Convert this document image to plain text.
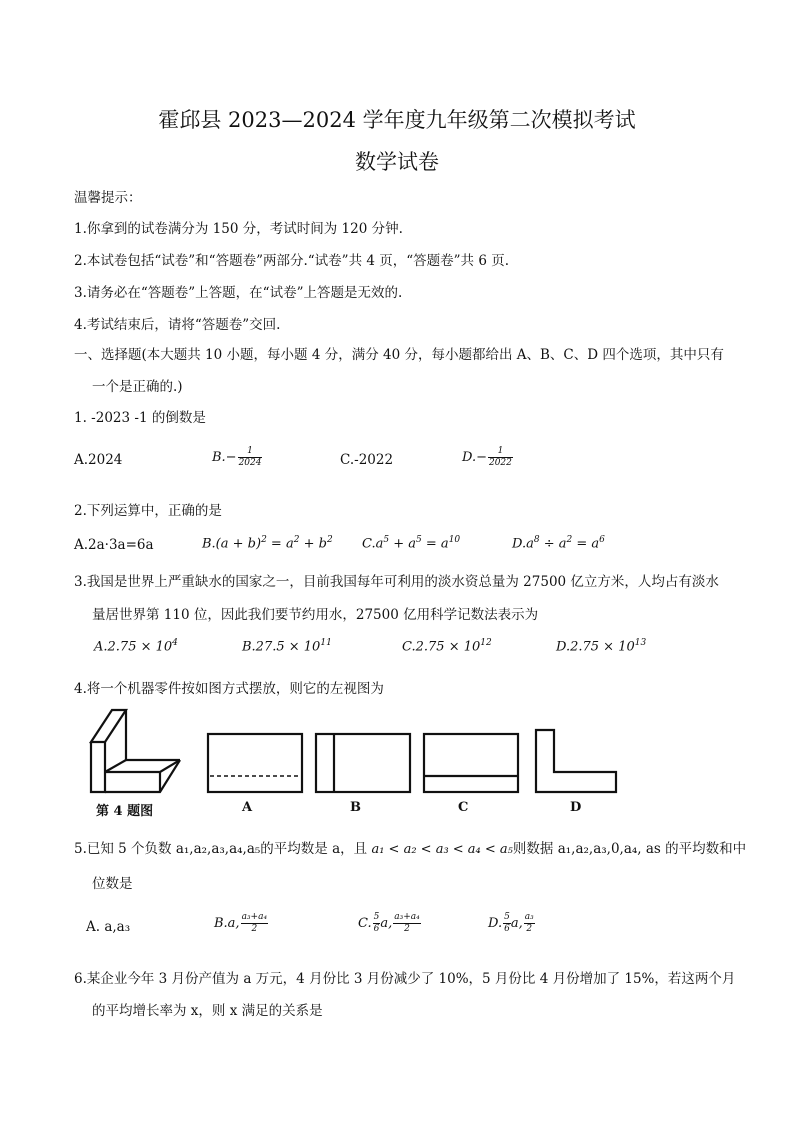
霍邱县 2023—2024 学年度九年级第二次模拟考试
数学试卷
温馨提示：
1.你拿到的试卷满分为 150 分，考试时间为 120 分钟.
2.本试卷包括“试卷”和“答题卷”两部分.“试卷”共 4 页，“答题卷”共 6 页.
3.请务必在“答题卷”上答题，在“试卷”上答题是无效的.
4.考试结束后，请将“答题卷”交回.
一、选择题(本大题共 10 小题，每小题 4 分，满分 40 分，每小题都给出 A、B、C、D 四个选项，其中只有
一个是正确的.)
1. -2023 -1 的倒数是
A.2024	$B.- \frac{1}{2024}$	C.-2022	$D.- \frac{1}{2022}$
2.下列运算中，正确的是
A.2a·3a=6a	$B.(a + b)^2 = a^2 + b^2$ $C.a^5 + a^5 = a^{10}$	$D.a^8 \div a^2 = a^6$
3.我国是世界上严重缺水的国家之一，目前我国每年可利用的淡水资总量为 27500 亿立方米，人均占有淡水
量居世界第 110 位，因此我们要节约用水，27500 亿用科学记数法表示为
$A.2.75 \times 10^4$	$B.27.5 \times 10^{11}$	$C.2.75 \times 10^{12}$	$D.2.75 \times 10^{13}$
4.将一个机器零件按如图方式摆放，则它的左视图为
第 4 题图	A	B	C	D
5.已知 5 个负数 a₁,a₂,a₃,a₄,a₅的平均数是 a，且 a₁ < a₂ < a₃ < a₄ < a₅则数据 a₁,a₂,a₃,0,a₄, as 的平均数和中
位数是
A. a,a₃	B.a, $\frac{\text{a₃+a₄}}{2}$	C. $\frac{5}{6} a$, $\frac{\text{a₃+a₄}}{2}$	D. $\frac{5}{6} a$, $\frac{\text{a₃}}{2}$
6.某企业今年 3 月份产值为 a 万元，4 月份比 3 月份减少了 10%，5 月份比 4 月份增加了 15%，若这两个月
的平均增长率为 x，则 x 满足的关系是
